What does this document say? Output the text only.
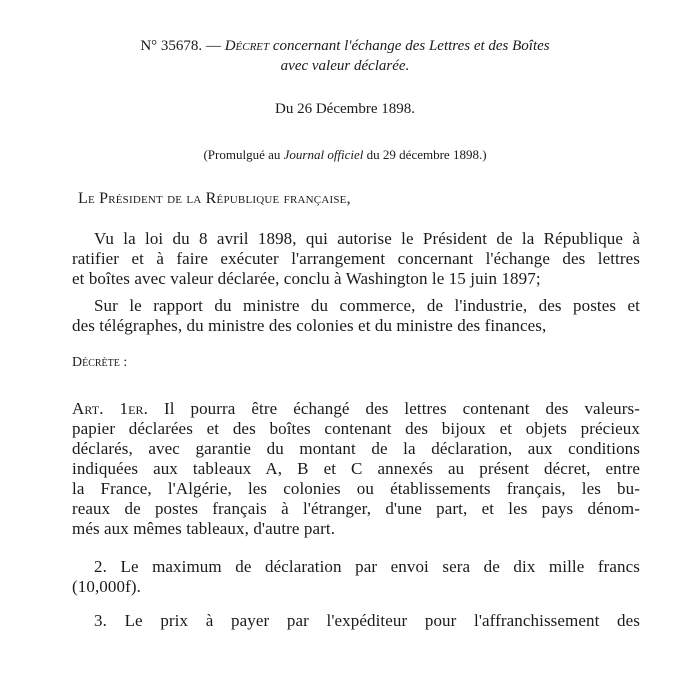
N° 35678. — Décret concernant l'échange des Lettres et des Boîtes
avec valeur déclarée.
Du 26 Décembre 1898.
(Promulgué au Journal officiel du 29 décembre 1898.)
Le Président de la République française,
Vu la loi du 8 avril 1898, qui autorise le Président de la République à
ratifier et à faire exécuter l'arrangement concernant l'échange des lettres
et boîtes avec valeur déclarée, conclu à Washington le 15 juin 1897;
Sur le rapport du ministre du commerce, de l'industrie, des postes et
des télégraphes, du ministre des colonies et du ministre des finances,
Décrète :
Art. 1er. Il pourra être échangé des lettres contenant des valeurs-
papier déclarées et des boîtes contenant des bijoux et objets précieux
déclarés, avec garantie du montant de la déclaration, aux conditions
indiquées aux tableaux A, B et C annexés au présent décret, entre
la France, l'Algérie, les colonies ou établissements français, les bu-
reaux de postes français à l'étranger, d'une part, et les pays dénom-
més aux mêmes tableaux, d'autre part.
2. Le maximum de déclaration par envoi sera de dix mille francs
(10,000f).
3. Le prix à payer par l'expéditeur pour l'affranchissement des
